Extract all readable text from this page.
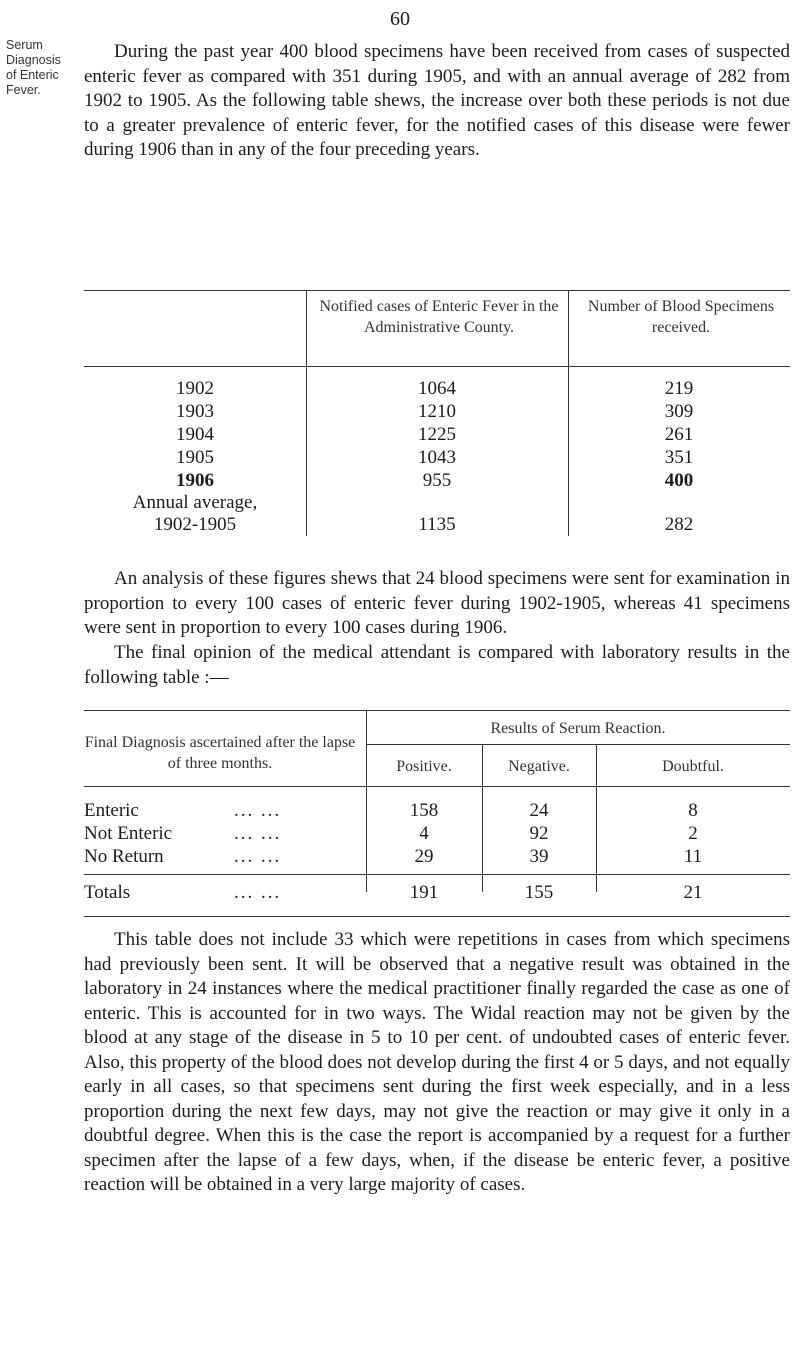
60
Serum Diagnosis of Enteric Fever.

During the past year 400 blood specimens have been received from cases of suspected enteric fever as compared with 351 during 1905, and with an annual average of 282 from 1902 to 1905. As the following table shews, the increase over both these periods is not due to a greater prevalence of enteric fever, for the notified cases of this disease were fewer during 1906 than in any of the four preceding years.

Notified cases of Enteric Fever in the Administrative County.
Number of Blood Specimens received.
1902	1064	219
1903	1210	309
1904	1225	261
1905	1043	351
1906	955	400
Annual average,
1902-1905	1135	282

An analysis of these figures shews that 24 blood specimens were sent for examination in proportion to every 100 cases of enteric fever during 1902-1905, whereas 41 specimens were sent in proportion to every 100 cases during 1906.

The final opinion of the medical attendant is compared with laboratory results in the following table :—

Final Diagnosis ascertained after the lapse of three months.
Results of Serum Reaction.
Positive.	Negative.	Doubtful.
Enteric	... ...	158	24	8
Not Enteric	... ...	4	92	2
No Return	... ...	29	39	11
Totals	... ...	191	155	21

This table does not include 33 which were repetitions in cases from which specimens had previously been sent. It will be observed that a negative result was obtained in the laboratory in 24 instances where the medical practitioner finally regarded the case as one of enteric. This is accounted for in two ways. The Widal reaction may not be given by the blood at any stage of the disease in 5 to 10 per cent. of undoubted cases of enteric fever. Also, this property of the blood does not develop during the first 4 or 5 days, and not equally early in all cases, so that specimens sent during the first week especially, and in a less proportion during the next few days, may not give the reaction or may give it only in a doubtful degree. When this is the case the report is accompanied by a request for a further specimen after the lapse of a few days, when, if the disease be enteric fever, a positive reaction will be obtained in a very large majority of cases.
